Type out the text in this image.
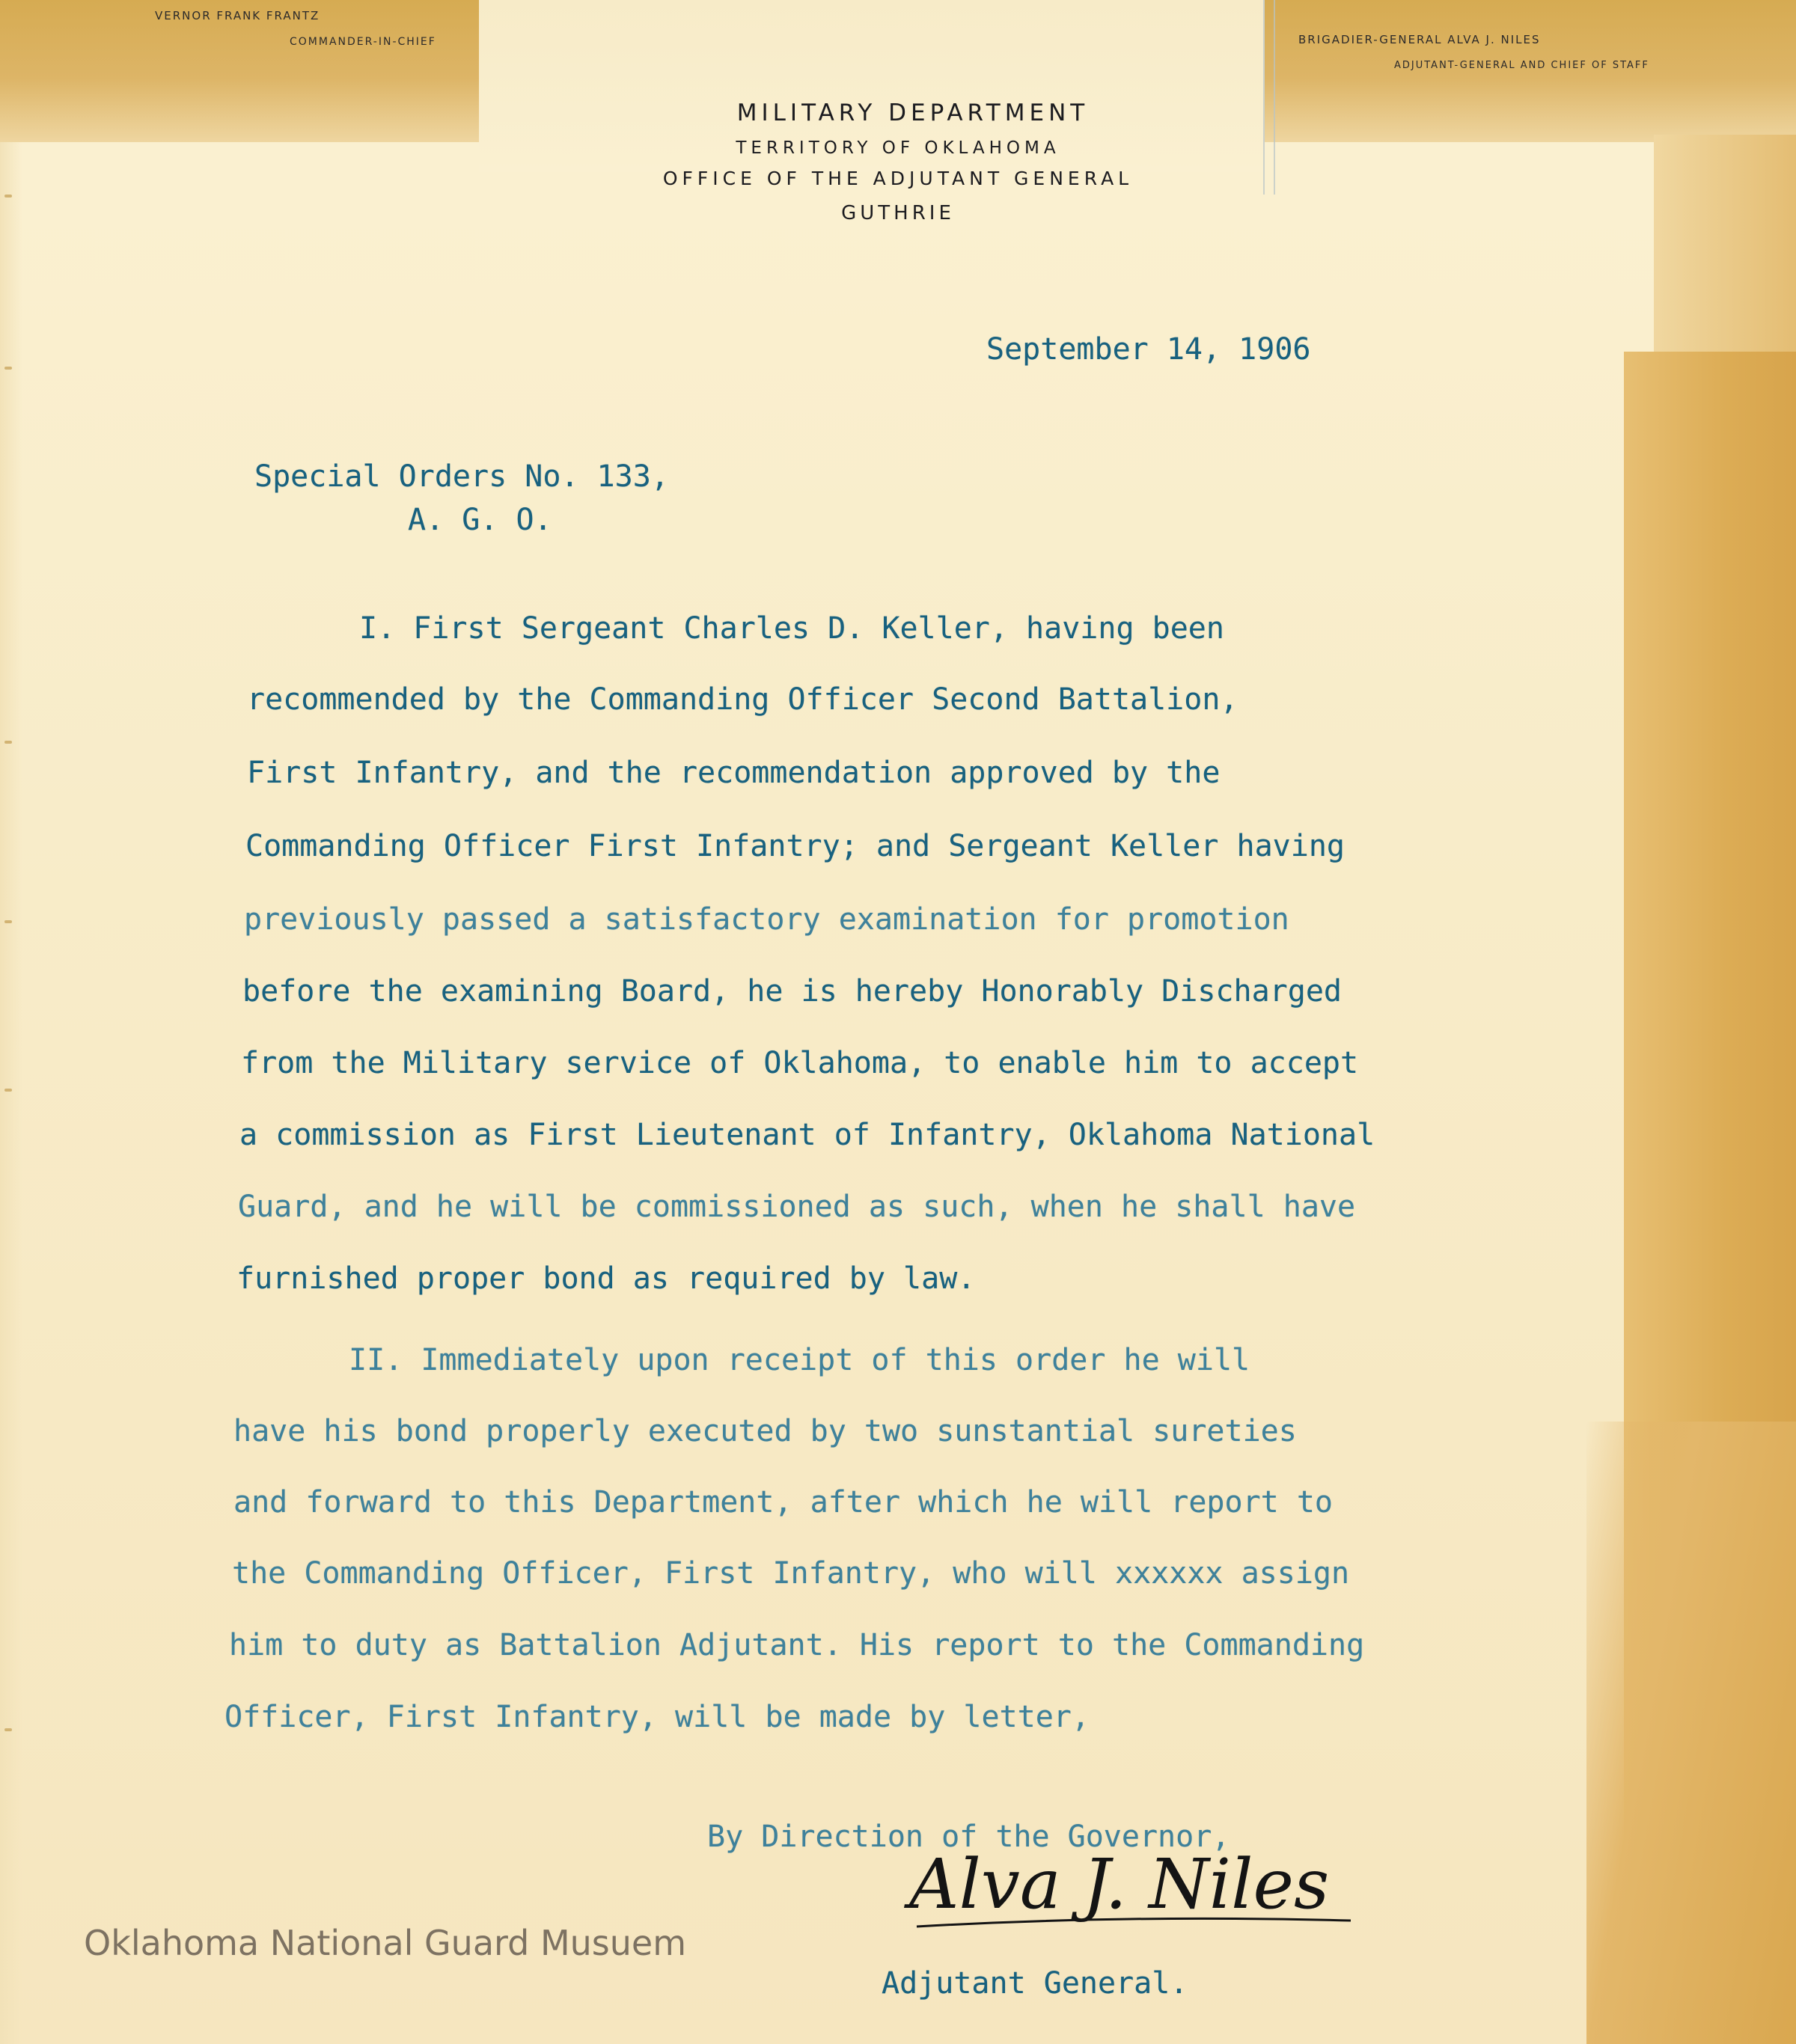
VERNOR FRANK FRANTZ
COMMANDER-IN-CHIEF	BRIGADIER-GENERAL ALVA J. NILES
ADJUTANT-GENERAL AND CHIEF OF STAFF
MILITARY DEPARTMENT
TERRITORY OF OKLAHOMA
OFFICE OF THE ADJUTANT GENERAL
GUTHRIE
September 14, 1906
Special Orders No. 133,
A. G. O.
I. First Sergeant Charles D. Keller, having been
recommended by the Commanding Officer Second Battalion,
First Infantry, and the recommendation approved by the
Commanding Officer First Infantry; and Sergeant Keller having
previously passed a satisfactory examination for promotion
before the examining Board, he is hereby Honorably Discharged
from the Military service of Oklahoma, to enable him to accept
a commission as First Lieutenant of Infantry, Oklahoma National
Guard, and he will be commissioned as such, when he shall have
furnished proper bond as required by law.
II. Immediately upon receipt of this order he will
have his bond properly executed by two sunstantial sureties
and forward to this Department, after which he will report to
the Commanding Officer, First Infantry, who will xxxxxx assign
him to duty as Battalion Adjutant. His report to the Commanding
Officer, First Infantry, will be made by letter,
By Direction of the Governor,
Alva J. Niles
Adjutant General.
Oklahoma National Guard Musuem
